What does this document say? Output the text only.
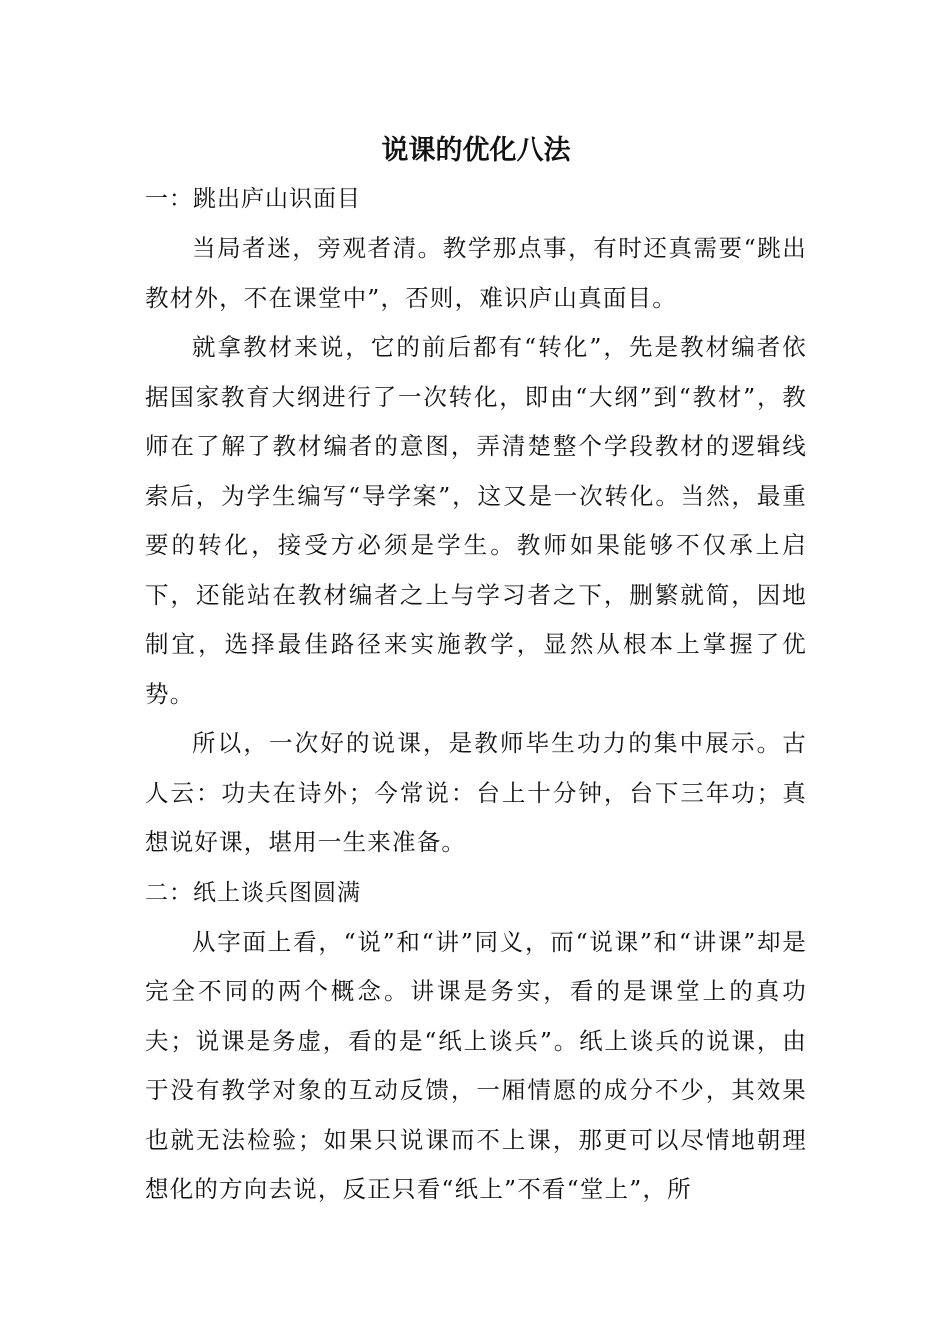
说课的优化八法

一：跳出庐山识面目

当局者迷，旁观者清。教学那点事，有时还真需要“跳出教材外，不在课堂中”，否则，难识庐山真面目。

就拿教材来说，它的前后都有“转化”，先是教材编者依据国家教育大纲进行了一次转化，即由“大纲”到“教材”，教师在了解了教材编者的意图，弄清楚整个学段教材的逻辑线索后，为学生编写“导学案”，这又是一次转化。当然，最重要的转化，接受方必须是学生。教师如果能够不仅承上启下，还能站在教材编者之上与学习者之下，删繁就简，因地制宜，选择最佳路径来实施教学，显然从根本上掌握了优势。

所以，一次好的说课，是教师毕生功力的集中展示。古人云：功夫在诗外；今常说：台上十分钟，台下三年功；真想说好课，堪用一生来准备。

二：纸上谈兵图圆满

从字面上看，“说”和“讲”同义，而“说课”和“讲课”却是完全不同的两个概念。讲课是务实，看的是课堂上的真功夫；说课是务虚，看的是“纸上谈兵”。纸上谈兵的说课，由于没有教学对象的互动反馈，一厢情愿的成分不少，其效果也就无法检验；如果只说课而不上课，那更可以尽情地朝理想化的方向去说，反正只看“纸上”不看“堂上”，所
